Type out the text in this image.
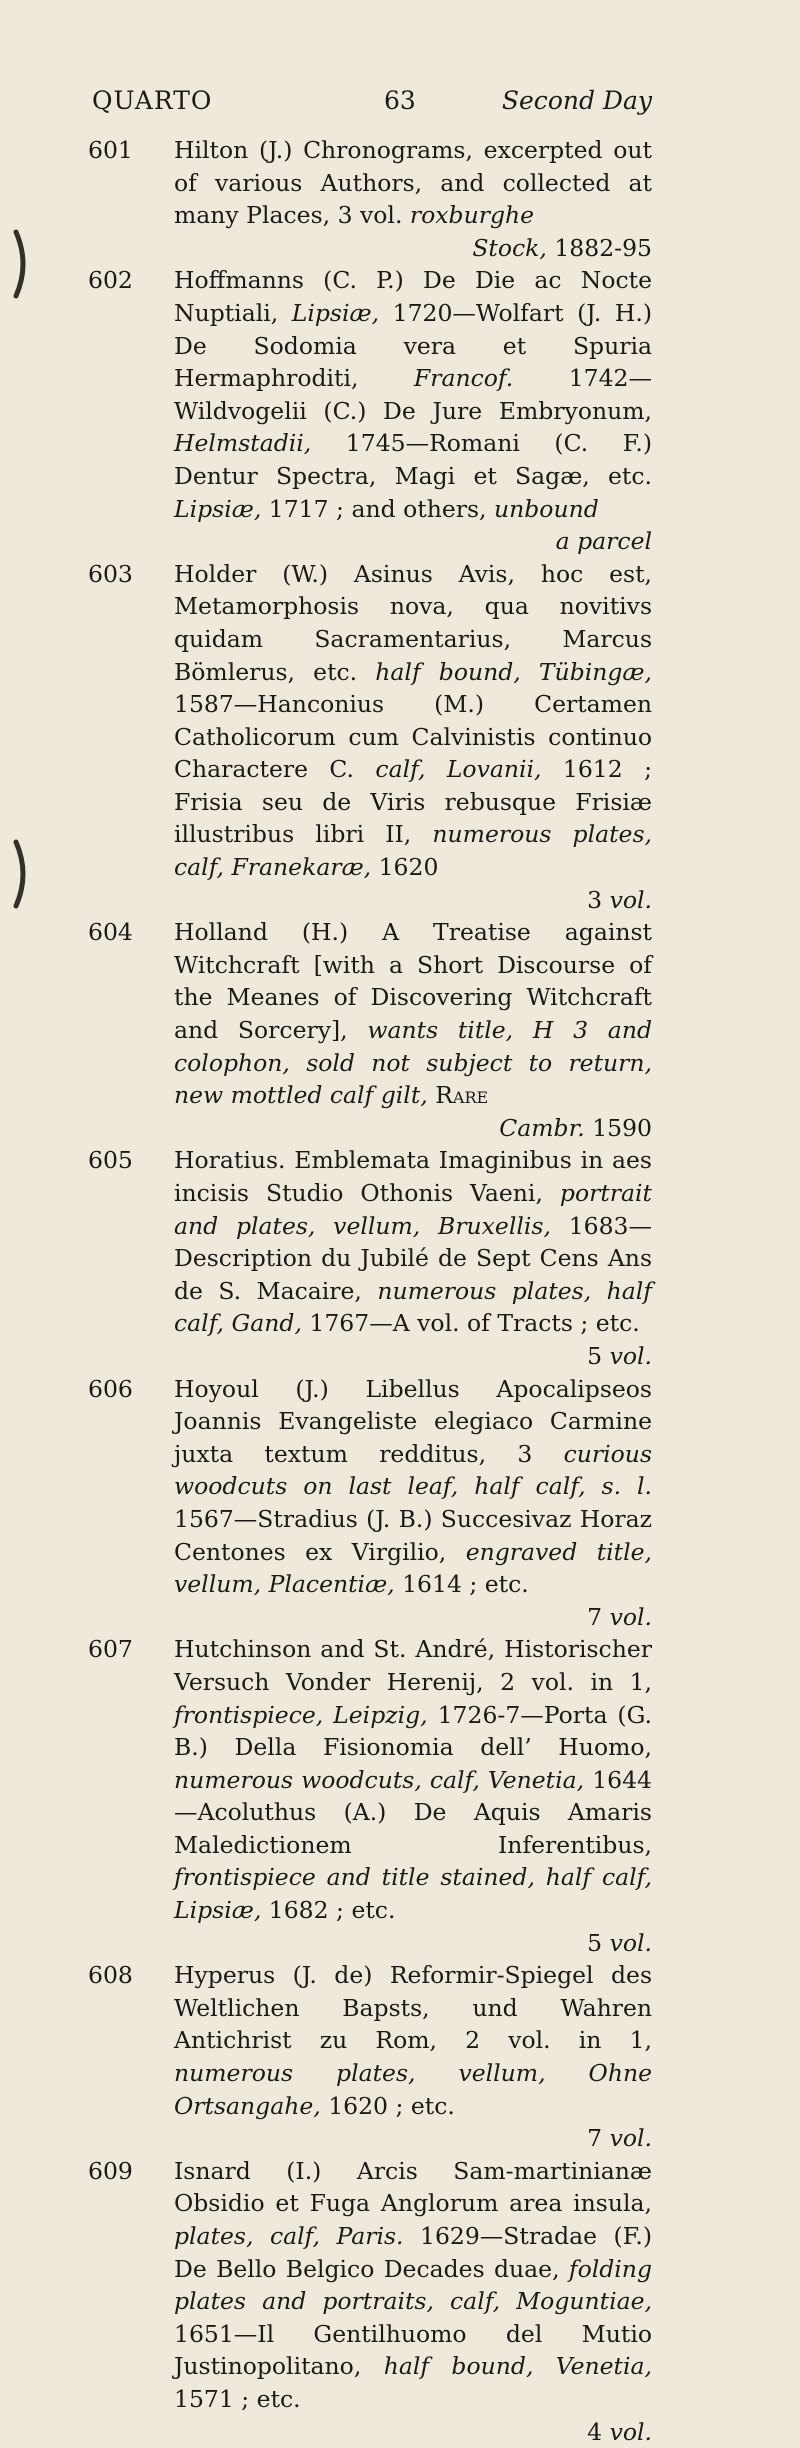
QUARTO	63	Second Day
601 Hilton (J.) Chronograms, excerpted out of various Authors, and collected at many Places, 3 vol. roxburghe
Stock, 1882-95
602 Hoffmanns (C. P.) De Die ac Nocte Nuptiali, Lipsiæ, 1720—Wolfart (J. H.) De Sodomia vera et Spuria Hermaphroditi, Francof. 1742—Wildvogelii (C.) De Jure Embryonum, Helmstadii, 1745—Romani (C. F.) Dentur Spectra, Magi et Sagæ, etc. Lipsiæ, 1717 ; and others, unbound
a parcel
603 Holder (W.) Asinus Avis, hoc est, Metamorphosis nova, qua novitivs quidam Sacramentarius, Marcus Bömlerus, etc. half bound, Tübingæ, 1587—Hanconius (M.) Certamen Catholicorum cum Calvinistis continuo Charactere C. calf, Lovanii, 1612 ; Frisia seu de Viris rebusque Frisiæ illustribus libri II, numerous plates, calf, Franekaræ, 1620
3 vol.
604 Holland (H.) A Treatise against Witchcraft [with a Short Discourse of the Meanes of Discovering Witchcraft and Sorcery], wants title, H 3 and colophon, sold not subject to return, new mottled calf gilt, Rare
Cambr. 1590
605 Horatius. Emblemata Imaginibus in aes incisis Studio Othonis Vaeni, portrait and plates, vellum, Bruxellis, 1683—Description du Jubilé de Sept Cens Ans de S. Macaire, numerous plates, half calf, Gand, 1767—A vol. of Tracts ; etc.
5 vol.
606 Hoyoul (J.) Libellus Apocalipseos Joannis Evangeliste elegiaco Carmine juxta textum redditus, 3 curious woodcuts on last leaf, half calf, s. l. 1567—Stradius (J. B.) Succesivaz Horaz Centones ex Virgilio, engraved title, vellum, Placentiæ, 1614 ; etc.
7 vol.
607 Hutchinson and St. André, Historischer Versuch Vonder Herenij, 2 vol. in 1, frontispiece, Leipzig, 1726-7—Porta (G. B.) Della Fisionomia dell’ Huomo, numerous woodcuts, calf, Venetia, 1644—Acoluthus (A.) De Aquis Amaris Maledictionem Inferentibus, frontispiece and title stained, half calf, Lipsiæ, 1682 ; etc.
5 vol.
608 Hyperus (J. de) Reformir-Spiegel des Weltlichen Bapsts, und Wahren Antichrist zu Rom, 2 vol. in 1, numerous plates, vellum, Ohne Ortsangahe, 1620 ; etc.
7 vol.
609 Isnard (I.) Arcis Sam-martinianæ Obsidio et Fuga Anglorum area insula, plates, calf, Paris. 1629—Stradae (F.) De Bello Belgico Decades duae, folding plates and portraits, calf, Moguntiae, 1651—Il Gentilhuomo del Mutio Justinopolitano, half bound, Venetia, 1571 ; etc.
4 vol.
